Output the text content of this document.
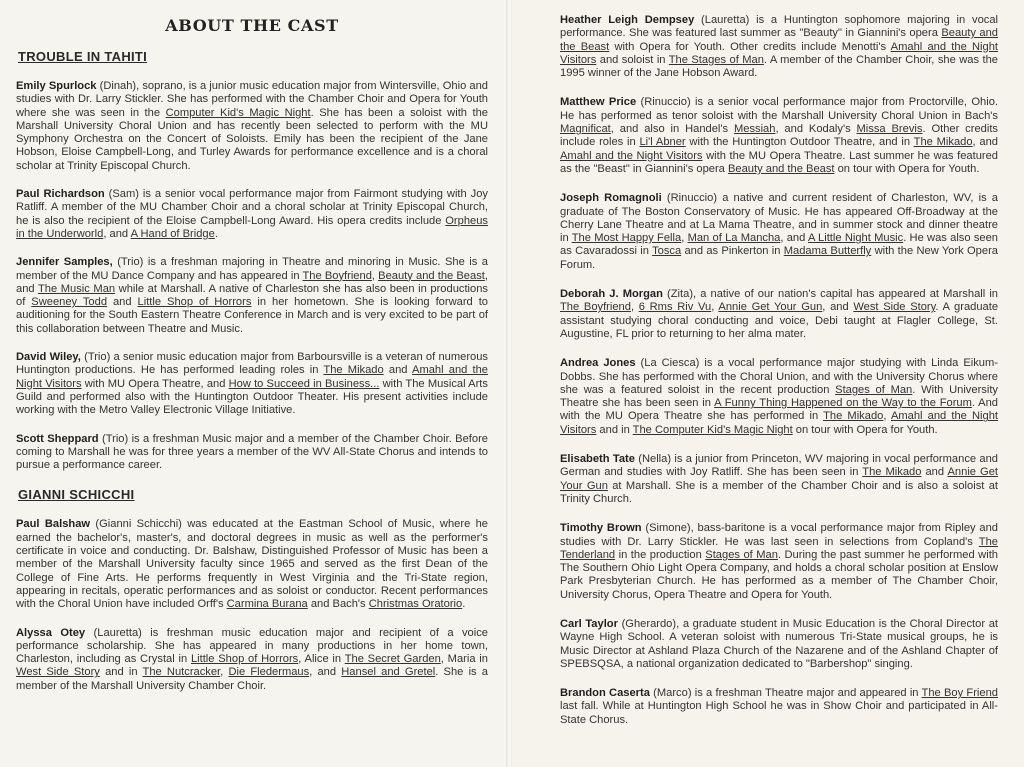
ABOUT THE CAST
TROUBLE IN TAHITI

Emily Spurlock (Dinah), soprano, is a junior music education major from Wintersville, Ohio and studies with Dr. Larry Stickler. She has performed with the Chamber Choir and Opera for Youth where she was seen in the Computer Kid's Magic Night. She has been a soloist with the Marshall University Choral Union and has recently been selected to perform with the MU Symphony Orchestra on the Concert of Soloists. Emily has been the recipient of the Jane Hobson, Eloise Campbell-Long, and Turley Awards for performance excellence and is a choral scholar at Trinity Episcopal Church.

Paul Richardson (Sam) is a senior vocal performance major from Fairmont studying with Joy Ratliff. A member of the MU Chamber Choir and a choral scholar at Trinity Episcopal Church, he is also the recipient of the Eloise Campbell-Long Award. His opera credits include Orpheus in the Underworld, and A Hand of Bridge.

Jennifer Samples, (Trio) is a freshman majoring in Theatre and minoring in Music. She is a member of the MU Dance Company and has appeared in The Boyfriend, Beauty and the Beast, and The Music Man while at Marshall. A native of Charleston she has also been in productions of Sweeney Todd and Little Shop of Horrors in her hometown. She is looking forward to auditioning for the South Eastern Theatre Conference in March and is very excited to be part of this collaboration between Theatre and Music.

David Wiley, (Trio) a senior music education major from Barboursville is a veteran of numerous Huntington productions. He has performed leading roles in The Mikado and Amahl and the Night Visitors with MU Opera Theatre, and How to Succeed in Business... with The Musical Arts Guild and performed also with the Huntington Outdoor Theater. His present activities include working with the Metro Valley Electronic Village Initiative.

Scott Sheppard (Trio) is a freshman Music major and a member of the Chamber Choir. Before coming to Marshall he was for three years a member of the WV All-State Chorus and intends to pursue a performance career.

GIANNI SCHICCHI

Paul Balshaw (Gianni Schicchi) was educated at the Eastman School of Music, where he earned the bachelor's, master's, and doctoral degrees in music as well as the performer's certificate in voice and conducting. Dr. Balshaw, Distinguished Professor of Music has been a member of the Marshall University faculty since 1965 and served as the first Dean of the College of Fine Arts. He performs frequently in West Virginia and the Tri-State region, appearing in recitals, operatic performances and as soloist or conductor. Recent performances with the Choral Union have included Orff's Carmina Burana and Bach's Christmas Oratorio.

Alyssa Otey (Lauretta) is freshman music education major and recipient of a voice performance scholarship. She has appeared in many productions in her home town, Charleston, including as Crystal in Little Shop of Horrors, Alice in The Secret Garden, Maria in West Side Story and in The Nutcracker, Die Fledermaus, and Hansel and Gretel. She is a member of the Marshall University Chamber Choir.

Heather Leigh Dempsey (Lauretta) is a Huntington sophomore majoring in vocal performance. She was featured last summer as "Beauty" in Giannini's opera Beauty and the Beast with Opera for Youth. Other credits include Menotti's Amahl and the Night Visitors and soloist in The Stages of Man. A member of the Chamber Choir, she was the 1995 winner of the Jane Hobson Award.

Matthew Price (Rinuccio) is a senior vocal performance major from Proctorville, Ohio. He has performed as tenor soloist with the Marshall University Choral Union in Bach's Magnificat, and also in Handel's Messiah, and Kodaly's Missa Brevis. Other credits include roles in Li'l Abner with the Huntington Outdoor Theatre, and in The Mikado, and Amahl and the Night Visitors with the MU Opera Theatre. Last summer he was featured as the "Beast" in Giannini's opera Beauty and the Beast on tour with Opera for Youth.

Joseph Romagnoli (Rinuccio) a native and current resident of Charleston, WV, is a graduate of The Boston Conservatory of Music. He has appeared Off-Broadway at the Cherry Lane Theatre and at La Mama Theatre, and in summer stock and dinner theatre in The Most Happy Fella, Man of La Mancha, and A Little Night Music. He was also seen as Cavaradossi in Tosca and as Pinkerton in Madama Butterfly with the New York Opera Forum.

Deborah J. Morgan (Zita), a native of our nation's capital has appeared at Marshall in The Boyfriend, 6 Rms Riv Vu, Annie Get Your Gun, and West Side Story. A graduate assistant studying choral conducting and voice, Debi taught at Flagler College, St. Augustine, FL prior to returning to her alma mater.

Andrea Jones (La Ciesca) is a vocal performance major studying with Linda Eikum-Dobbs. She has performed with the Choral Union, and with the University Chorus where she was a featured soloist in the recent production Stages of Man. With University Theatre she has been seen in A Funny Thing Happened on the Way to the Forum. And with the MU Opera Theatre she has performed in The Mikado, Amahl and the Night Visitors and in The Computer Kid's Magic Night on tour with Opera for Youth.

Elisabeth Tate (Nella) is a junior from Princeton, WV majoring in vocal performance and German and studies with Joy Ratliff. She has been seen in The Mikado and Annie Get Your Gun at Marshall. She is a member of the Chamber Choir and is also a soloist at Trinity Church.

Timothy Brown (Simone), bass-baritone is a vocal performance major from Ripley and studies with Dr. Larry Stickler. He was last seen in selections from Copland's The Tenderland in the production Stages of Man. During the past summer he performed with The Southern Ohio Light Opera Company, and holds a choral scholar position at Enslow Park Presbyterian Church. He has performed as a member of The Chamber Choir, University Chorus, Opera Theatre and Opera for Youth.

Carl Taylor (Gherardo), a graduate student in Music Education is the Choral Director at Wayne High School. A veteran soloist with numerous Tri-State musical groups, he is Music Director at Ashland Plaza Church of the Nazarene and of the Ashland Chapter of SPEBSQSA, a national organization dedicated to "Barbershop" singing.

Brandon Caserta (Marco) is a freshman Theatre major and appeared in The Boy Friend last fall. While at Huntington High School he was in Show Choir and participated in All-State Chorus.
